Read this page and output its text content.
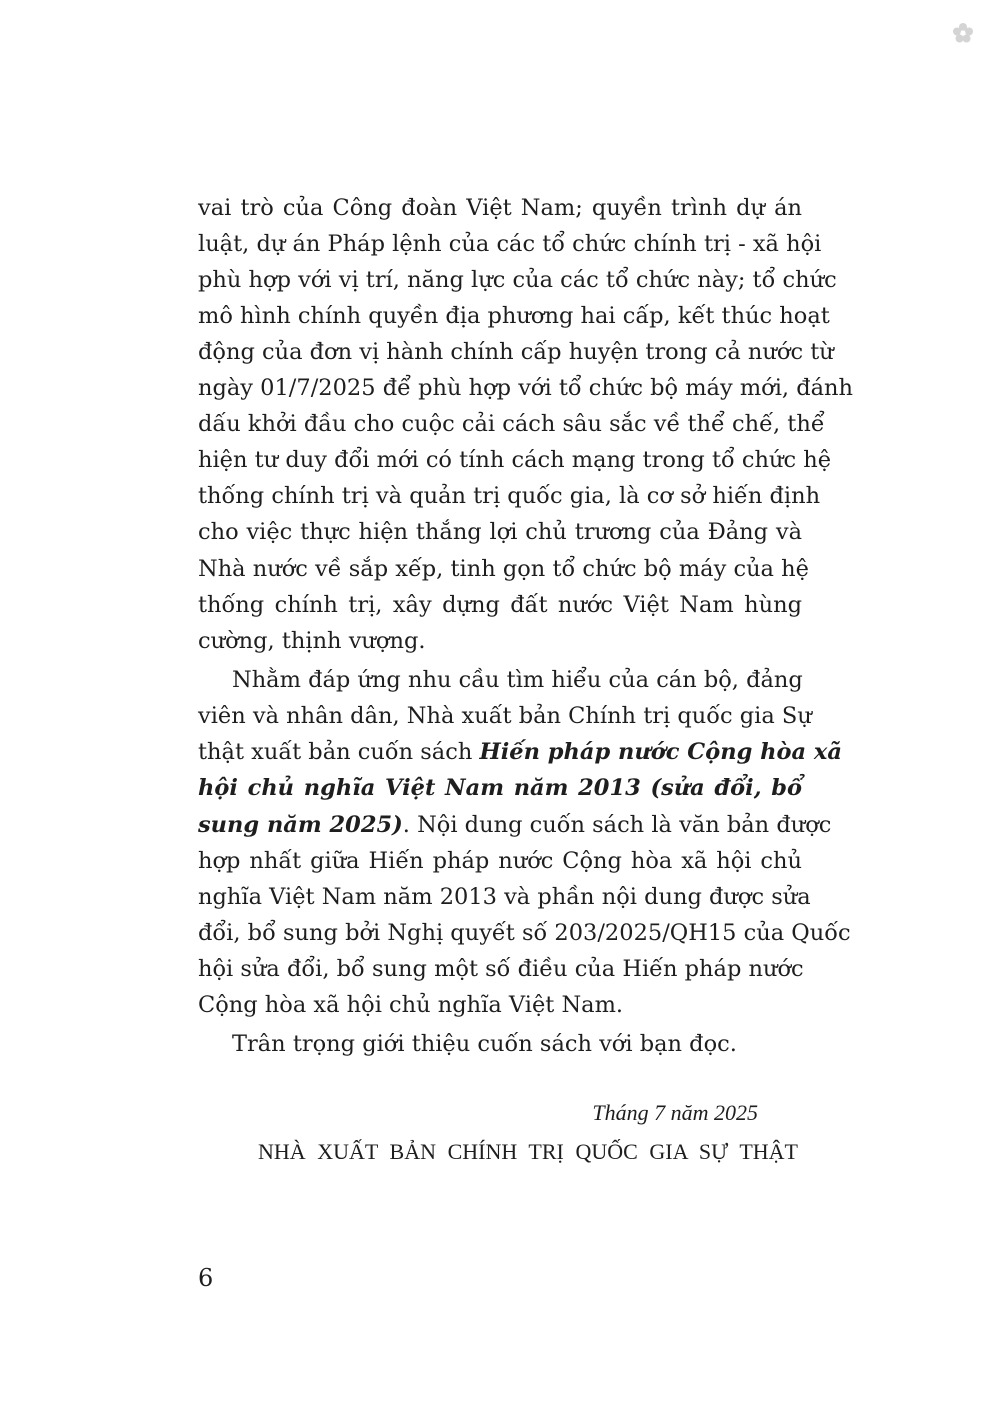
vai trò của Công đoàn Việt Nam; quyền trình dự án
luật, dự án Pháp lệnh của các tổ chức chính trị - xã hội
phù hợp với vị trí, năng lực của các tổ chức này; tổ chức
mô hình chính quyền địa phương hai cấp, kết thúc hoạt
động của đơn vị hành chính cấp huyện trong cả nước từ
ngày 01/7/2025 để phù hợp với tổ chức bộ máy mới, đánh
dấu khởi đầu cho cuộc cải cách sâu sắc về thể chế, thể
hiện tư duy đổi mới có tính cách mạng trong tổ chức hệ
thống chính trị và quản trị quốc gia, là cơ sở hiến định
cho việc thực hiện thắng lợi chủ trương của Đảng và
Nhà nước về sắp xếp, tinh gọn tổ chức bộ máy của hệ
thống chính trị, xây dựng đất nước Việt Nam hùng
cường, thịnh vượng.
Nhằm đáp ứng nhu cầu tìm hiểu của cán bộ, đảng
viên và nhân dân, Nhà xuất bản Chính trị quốc gia Sự
thật xuất bản cuốn sách Hiến pháp nước Cộng hòa xã
hội chủ nghĩa Việt Nam năm 2013 (sửa đổi, bổ
sung năm 2025). Nội dung cuốn sách là văn bản được
hợp nhất giữa Hiến pháp nước Cộng hòa xã hội chủ
nghĩa Việt Nam năm 2013 và phần nội dung được sửa
đổi, bổ sung bởi Nghị quyết số 203/2025/QH15 của Quốc
hội sửa đổi, bổ sung một số điều của Hiến pháp nước
Cộng hòa xã hội chủ nghĩa Việt Nam.
Trân trọng giới thiệu cuốn sách với bạn đọc.
Tháng 7 năm 2025
NHÀ XUẤT BẢN CHÍNH TRỊ QUỐC GIA SỰ THẬT
6
